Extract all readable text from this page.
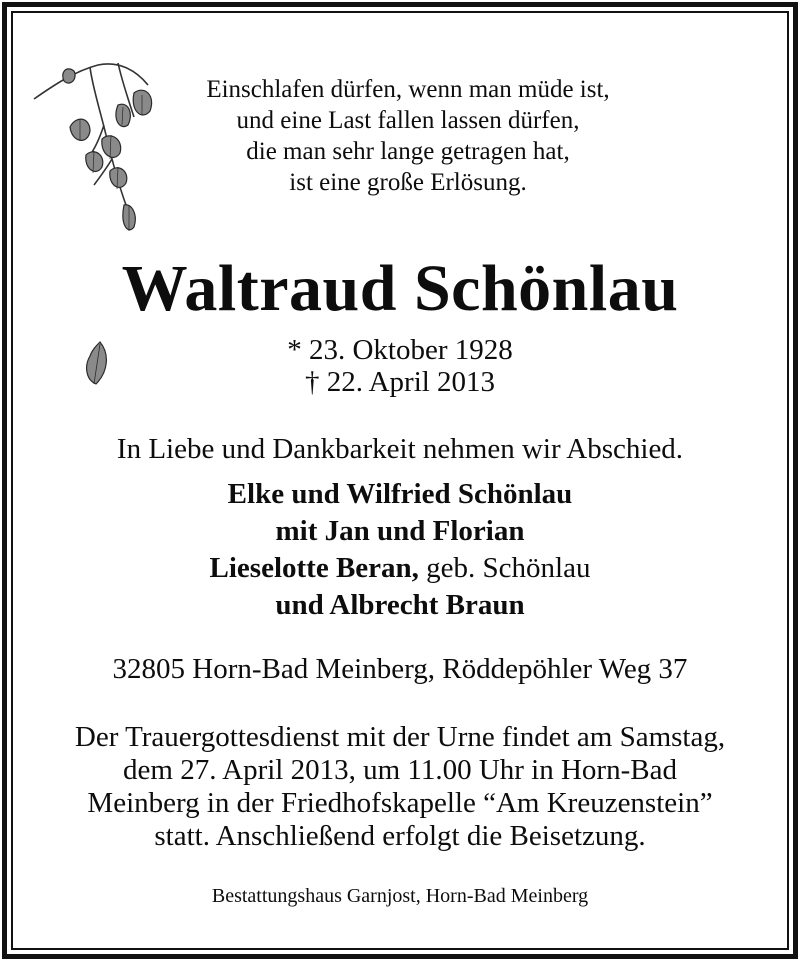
Einschlafen dürfen, wenn man müde ist,
und eine Last fallen lassen dürfen,
die man sehr lange getragen hat,
ist eine große Erlösung.
Waltraud Schönlau
* 23. Oktober 1928
† 22. April 2013
In Liebe und Dankbarkeit nehmen wir Abschied.
Elke und Wilfried Schönlau
mit Jan und Florian
Lieselotte Beran, geb. Schönlau
und Albrecht Braun
32805 Horn-Bad Meinberg, Röddepöhler Weg 37
Der Trauergottesdienst mit der Urne findet am Samstag,
dem 27. April 2013, um 11.00 Uhr in Horn-Bad
Meinberg in der Friedhofskapelle “Am Kreuzenstein”
statt. Anschließend erfolgt die Beisetzung.
Bestattungshaus Garnjost, Horn-Bad Meinberg
